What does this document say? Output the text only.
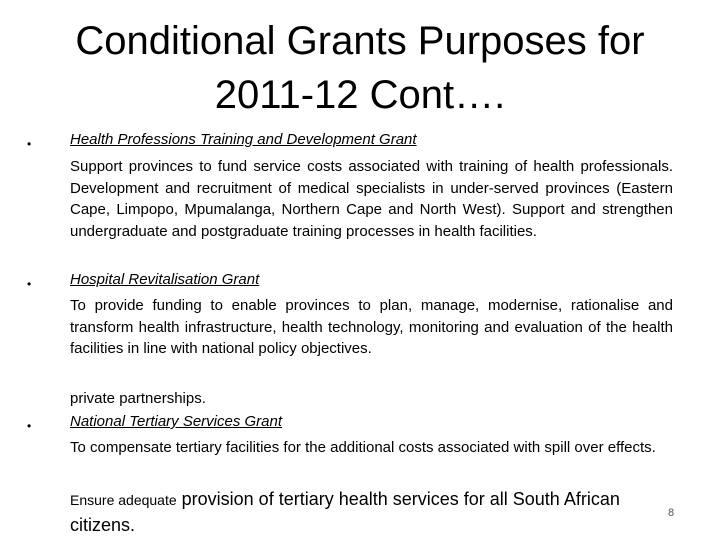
Conditional Grants Purposes for
2011-12 Cont….
•	Health Professions Training and Development Grant
Support provinces to fund service costs associated with training of health professionals. Development and recruitment of medical specialists in under-served provinces (Eastern Cape, Limpopo, Mpumalanga, Northern Cape and North West). Support and strengthen undergraduate and postgraduate training processes in health facilities.
•	Hospital Revitalisation Grant
To provide funding to enable provinces to plan, manage, modernise, rationalise and transform health infrastructure, health technology, monitoring and evaluation of the health facilities in line with national policy objectives.
private partnerships.
•	National Tertiary Services Grant
To compensate tertiary facilities for the additional costs associated with spill over effects.
Ensure adequate provision of tertiary health services for all South African citizens.
8
